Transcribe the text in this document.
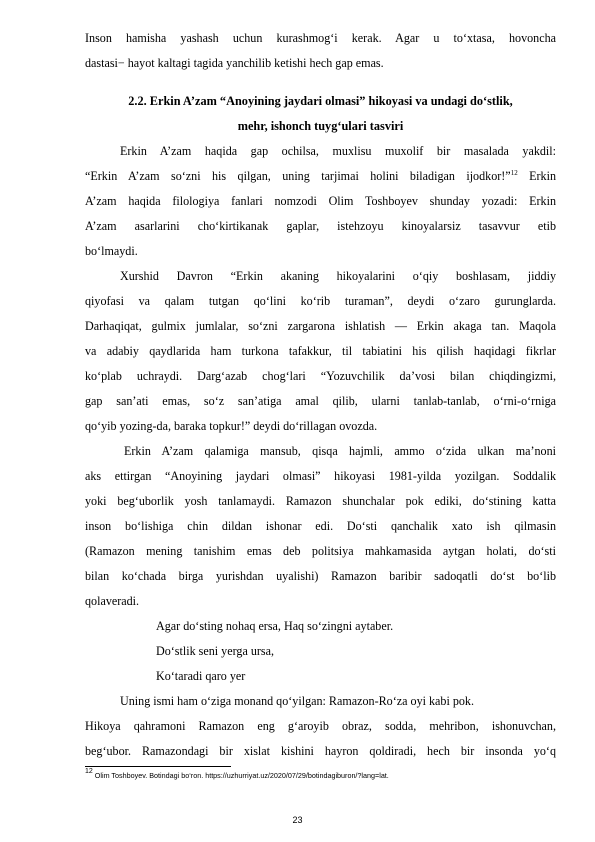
Inson hamisha yashash uchun kurashmog‘i kerak. Agar u to‘xtasa, hovoncha
dastasi− hayot kaltagi tagida yanchilib ketishi hech gap emas.
2.2. Erkin A’zam “Anoyining jaydari olmasi” hikoyasi va undagi do‘stlik,
mehr, ishonch tuyg‘ulari tasviri
Erkin A’zam haqida gap ochilsa, muxlisu muxolif bir masalada yakdil:
“Erkin A’zam so‘zni his qilgan, uning tarjimai holini biladigan ijodkor!”$^{12}$ Erkin
A’zam haqida filologiya fanlari nomzodi Olim Toshboyev shunday yozadi: Erkin
A’zam asarlarini cho‘kirtikanak gaplar, istehzoyu kinoyalarsiz tasavvur etib
bo‘lmaydi.
Xurshid Davron “Erkin akaning hikoyalarini o‘qiy boshlasam, jiddiy
qiyofasi va qalam tutgan qo‘lini ko‘rib turaman”, deydi o‘zaro gurunglarda.
Darhaqiqat, gulmix jumlalar, so‘zni zargarona ishlatish — Erkin akaga tan. Maqola
va adabiy qaydlarida ham turkona tafakkur, til tabiatini his qilish haqidagi fikrlar
ko‘plab uchraydi. Darg‘azab chog‘lari “Yozuvchilik da’vosi bilan chiqdingizmi,
gap san’ati emas, so‘z san’atiga amal qilib, ularni tanlab-tanlab, o‘rni-o‘rniga
qo‘yib yozing-da, baraka topkur!” deydi do‘rillagan ovozda.
Erkin A’zam qalamiga mansub, qisqa hajmli, ammo o‘zida ulkan ma’noni
aks ettirgan “Anoyining jaydari olmasi” hikoyasi 1981-yilda yozilgan. Soddalik
yoki beg‘uborlik yosh tanlamaydi. Ramazon shunchalar pok ediki, do‘stining katta
inson bo‘lishiga chin dildan ishonar edi. Do‘sti qanchalik xato ish qilmasin
(Ramazon mening tanishim emas deb politsiya mahkamasida aytgan holati, do‘sti
bilan ko‘chada birga yurishdan uyalishi) Ramazon baribir sadoqatli do‘st bo‘lib
qolaveradi.
Agar do‘sting nohaq ersa, Haq so‘zingni aytaber.
Do‘stlik seni yerga ursa,
Ko‘taradi qaro yer
Uning ismi ham o‘ziga monand qo‘yilgan: Ramazon-Ro‘za oyi kabi pok.
Hikoya qahramoni Ramazon eng g‘aroyib obraz, sodda, mehribon, ishonuvchan,
beg‘ubor. Ramazondagi bir xislat kishini hayron qoldiradi, hech bir insonda yo‘q
$^{12}$ Olim Toshboyev. Botindagi bo‘ron. https://uzhurriyat.uz/2020/07/29/botindagiburon/?lang=lat.
23
